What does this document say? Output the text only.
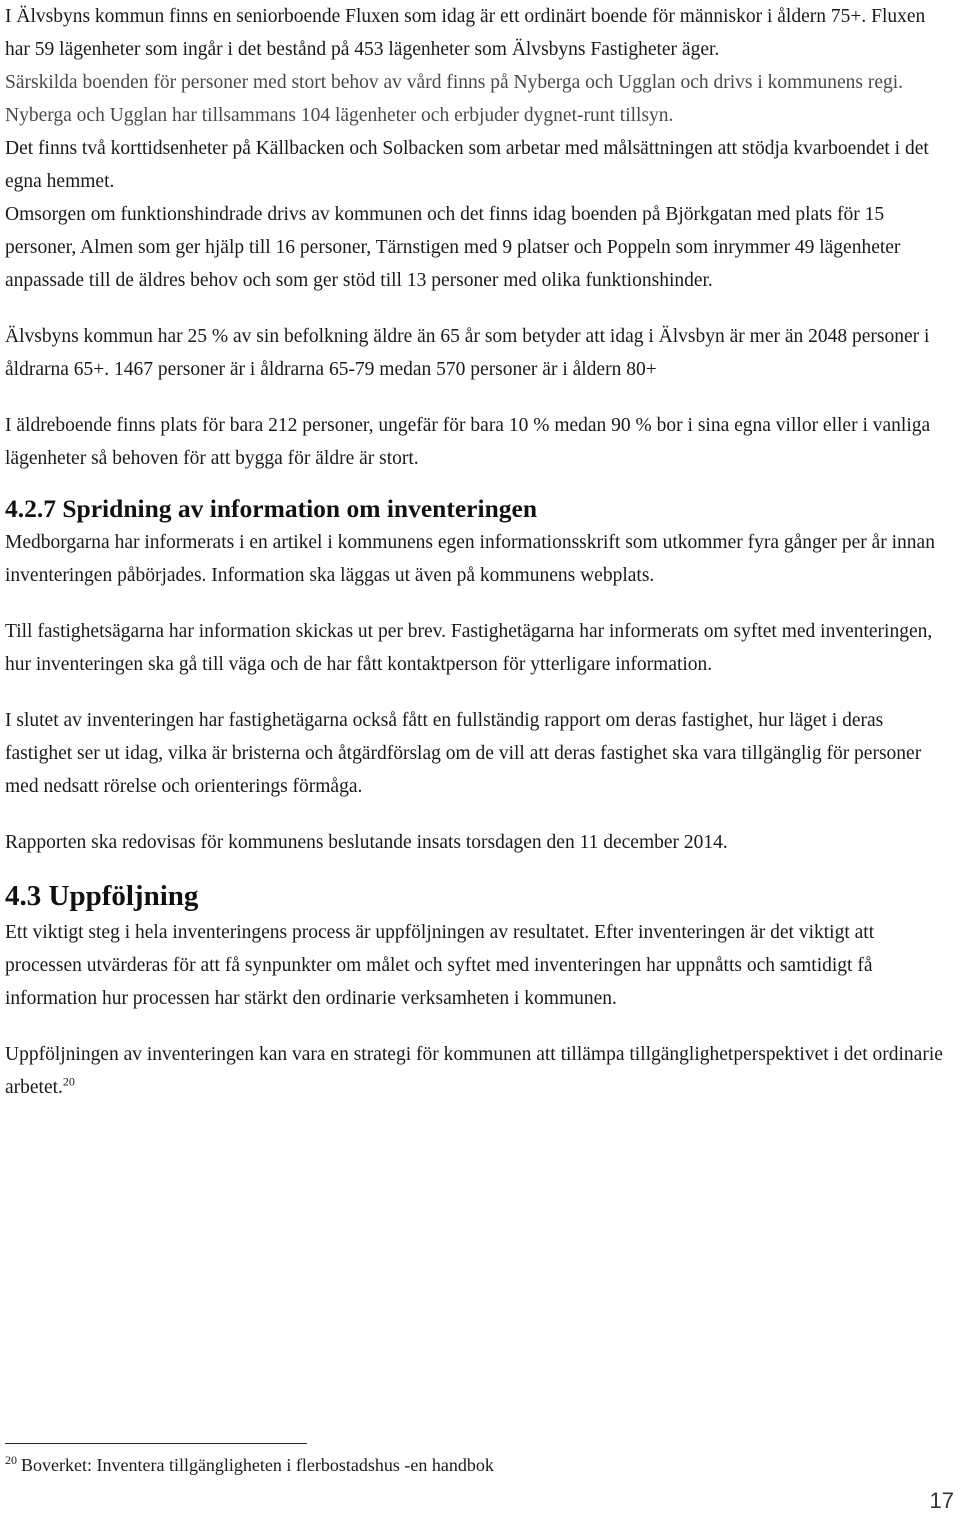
I Älvsbyns kommun finns en seniorboende Fluxen som idag är ett ordinärt boende för människor i åldern 75+. Fluxen har 59 lägenheter som ingår i det bestånd på 453 lägenheter som Älvsbyns Fastigheter äger.

Särskilda boenden för personer med stort behov av vård finns på Nyberga och Ugglan och drivs i kommunens regi.

Nyberga och Ugglan har tillsammans 104 lägenheter och erbjuder dygnet-runt tillsyn.

Det finns två korttidsenheter på Källbacken och Solbacken som arbetar med målsättningen att stödja kvarboendet i det egna hemmet.

Omsorgen om funktionshindrade drivs av kommunen och det finns idag boenden på Björkgatan med plats för 15 personer, Almen som ger hjälp till 16 personer, Tärnstigen med 9 platser och Poppeln som inrymmer 49 lägenheter anpassade till de äldres behov och som ger stöd till 13 personer med olika funktionshinder.

Älvsbyns kommun har 25 % av sin befolkning äldre än 65 år som betyder att idag i Älvsbyn är mer än 2048 personer i åldrarna 65+. 1467 personer är i åldrarna 65-79 medan 570 personer är i åldern 80+

I äldreboende finns plats för bara 212 personer, ungefär för bara 10 % medan 90 % bor i sina egna villor eller i vanliga lägenheter så behoven för att bygga för äldre är stort.

4.2.7 Spridning av information om inventeringen

Medborgarna har informerats i en artikel i kommunens egen informationsskrift som utkommer fyra gånger per år innan inventeringen påbörjades. Information ska läggas ut även på kommunens webplats.

Till fastighetsägarna har information skickas ut per brev. Fastighetägarna har informerats om syftet med inventeringen, hur inventeringen ska gå till väga och de har fått kontaktperson för ytterligare information.

I slutet av inventeringen har fastighetägarna också fått en fullständig rapport om deras fastighet, hur läget i deras fastighet ser ut idag, vilka är bristerna och åtgärdförslag om de vill att deras fastighet ska vara tillgänglig för personer med nedsatt rörelse och orienterings förmåga.

Rapporten ska redovisas för kommunens beslutande insats torsdagen den 11 december 2014.

4.3 Uppföljning

Ett viktigt steg i hela inventeringens process är uppföljningen av resultatet. Efter inventeringen är det viktigt att processen utvärderas för att få synpunkter om målet och syftet med inventeringen har uppnåtts och samtidigt få information hur processen har stärkt den ordinarie verksamheten i kommunen.

Uppföljningen av inventeringen kan vara en strategi för kommunen att tillämpa tillgänglighetperspektivet i det ordinarie arbetet.$^{20}$

$^{20}$ Boverket: Inventera tillgängligheten i flerbostadshus -en handbok
17
